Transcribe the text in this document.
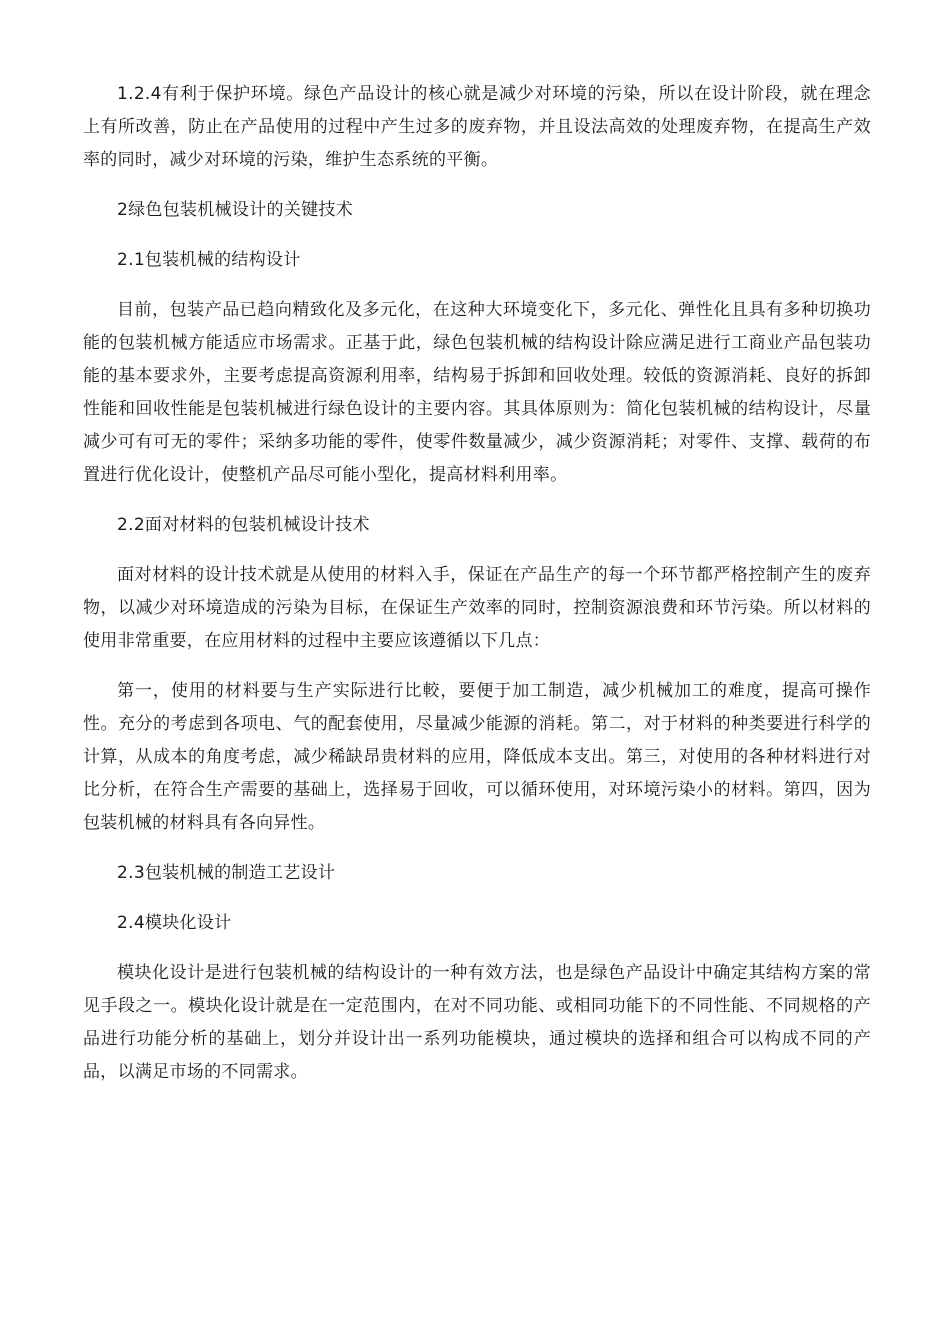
1.2.4有利于保护环境。绿色产品设计的核心就是减少对环境的污染，所以在设计阶段，就在理念上有所改善，防止在产品使用的过程中产生过多的废弃物，并且设法高效的处理废弃物，在提高生产效率的同时，减少对环境的污染，维护生态系统的平衡。

2绿色包装机械设计的关键技术

2.1包装机械的结构设计

目前，包装产品已趋向精致化及多元化，在这种大环境变化下，多元化、弹性化且具有多种切换功能的包装机械方能适应市场需求。正基于此，绿色包装机械的结构设计除应满足进行工商业产品包装功能的基本要求外，主要考虑提高资源利用率，结构易于拆卸和回收处理。较低的资源消耗、良好的拆卸性能和回收性能是包装机械进行绿色设计的主要内容。其具体原则为：简化包装机械的结构设计，尽量减少可有可无的零件；采纳多功能的零件，使零件数量减少，减少资源消耗；对零件、支撑、载荷的布置进行优化设计，使整机产品尽可能小型化，提高材料利用率。

2.2面对材料的包装机械设计技术

面对材料的设计技术就是从使用的材料入手，保证在产品生产的每一个环节都严格控制产生的废弃物，以减少对环境造成的污染为目标，在保证生产效率的同时，控制资源浪费和环节污染。所以材料的使用非常重要，在应用材料的过程中主要应该遵循以下几点：

第一，使用的材料要与生产实际进行比較，要便于加工制造，减少机械加工的难度，提高可操作性。充分的考虑到各项电、气的配套使用，尽量减少能源的消耗。第二，对于材料的种类要进行科学的计算，从成本的角度考虑，减少稀缺昂贵材料的应用，降低成本支出。第三，对使用的各种材料进行对比分析，在符合生产需要的基础上，选择易于回收，可以循环使用，对环境污染小的材料。第四，因为包装机械的材料具有各向异性。

2.3包装机械的制造工艺设计

2.4模块化设计

模块化设计是进行包装机械的结构设计的一种有效方法，也是绿色产品设计中确定其结构方案的常见手段之一。模块化设计就是在一定范围内，在对不同功能、或相同功能下的不同性能、不同规格的产品进行功能分析的基础上，划分并设计出一系列功能模块，通过模块的选择和组合可以构成不同的产品，以满足市场的不同需求。
